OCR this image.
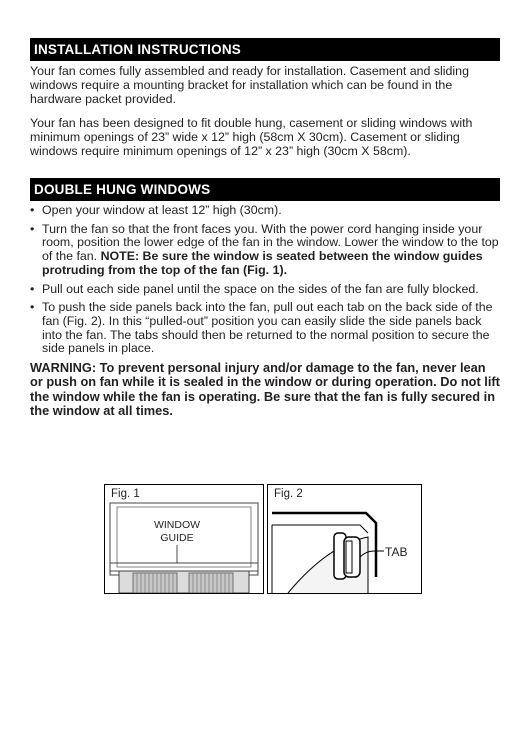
INSTALLATION INSTRUCTIONS

Your fan comes fully assembled and ready for installation. Casement and sliding windows require a mounting bracket for installation which can be found in the hardware packet provided.

Your fan has been designed to fit double hung, casement or sliding windows with minimum openings of 23” wide x 12” high (58cm X 30cm). Casement or sliding windows require minimum openings of 12” x 23” high (30cm X 58cm).

DOUBLE HUNG WINDOWS
• Open your window at least 12” high (30cm).
• Turn the fan so that the front faces you. With the power cord hanging inside your room, position the lower edge of the fan in the window. Lower the window to the top of the fan. NOTE: Be sure the window is seated between the window guides protruding from the top of the fan (Fig. 1).
• Pull out each side panel until the space on the sides of the fan are fully blocked.
• To push the side panels back into the fan, pull out each tab on the back side of the fan (Fig. 2). In this “pulled-out” position you can easily slide the side panels back into the fan. The tabs should then be returned to the normal position to secure the side panels in place.

WARNING: To prevent personal injury and/or damage to the fan, never lean or push on fan while it is sealed in the window or during operation. Do not lift the window while the fan is operating. Be sure that the fan is fully secured in the window at all times.

Fig. 1
WINDOW
GUIDE
Fig. 2
TAB
